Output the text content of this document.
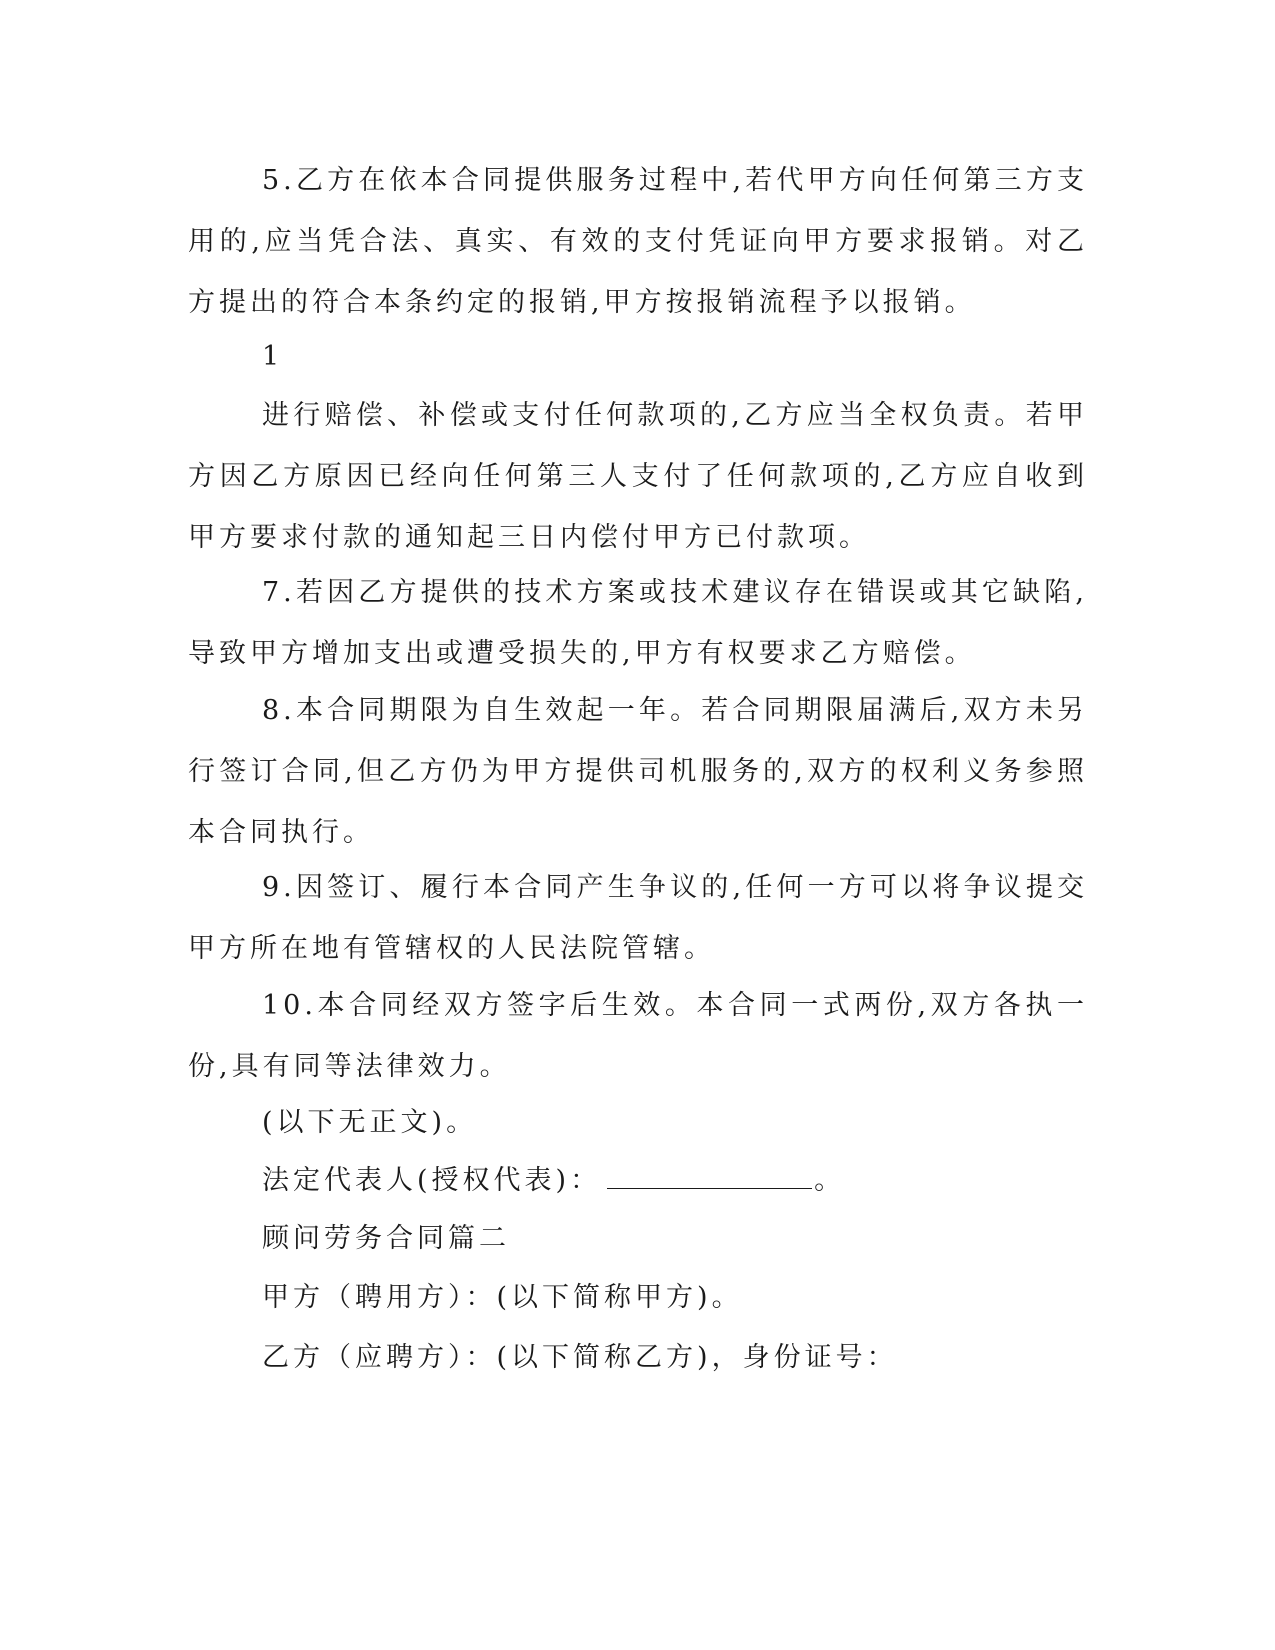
5.乙方在依本合同提供服务过程中,若代甲方向任何第三方支用的,应当凭合法、真实、有效的支付凭证向甲方要求报销。对乙方提出的符合本条约定的报销,甲方按报销流程予以报销。
1
进行赔偿、补偿或支付任何款项的,乙方应当全权负责。若甲方因乙方原因已经向任何第三人支付了任何款项的,乙方应自收到甲方要求付款的通知起三日内偿付甲方已付款项。
7.若因乙方提供的技术方案或技术建议存在错误或其它缺陷,导致甲方增加支出或遭受损失的,甲方有权要求乙方赔偿。
8.本合同期限为自生效起一年。若合同期限届满后,双方未另行签订合同,但乙方仍为甲方提供司机服务的,双方的权利义务参照本合同执行。
9.因签订、履行本合同产生争议的,任何一方可以将争议提交甲方所在地有管辖权的人民法院管辖。
10.本合同经双方签字后生效。本合同一式两份,双方各执一份,具有同等法律效力。
(以下无正文)。
法定代表人(授权代表)：	。
顾问劳务合同篇二
甲方（聘用方）：(以下简称甲方)。
乙方（应聘方）：(以下简称乙方)，身份证号：
